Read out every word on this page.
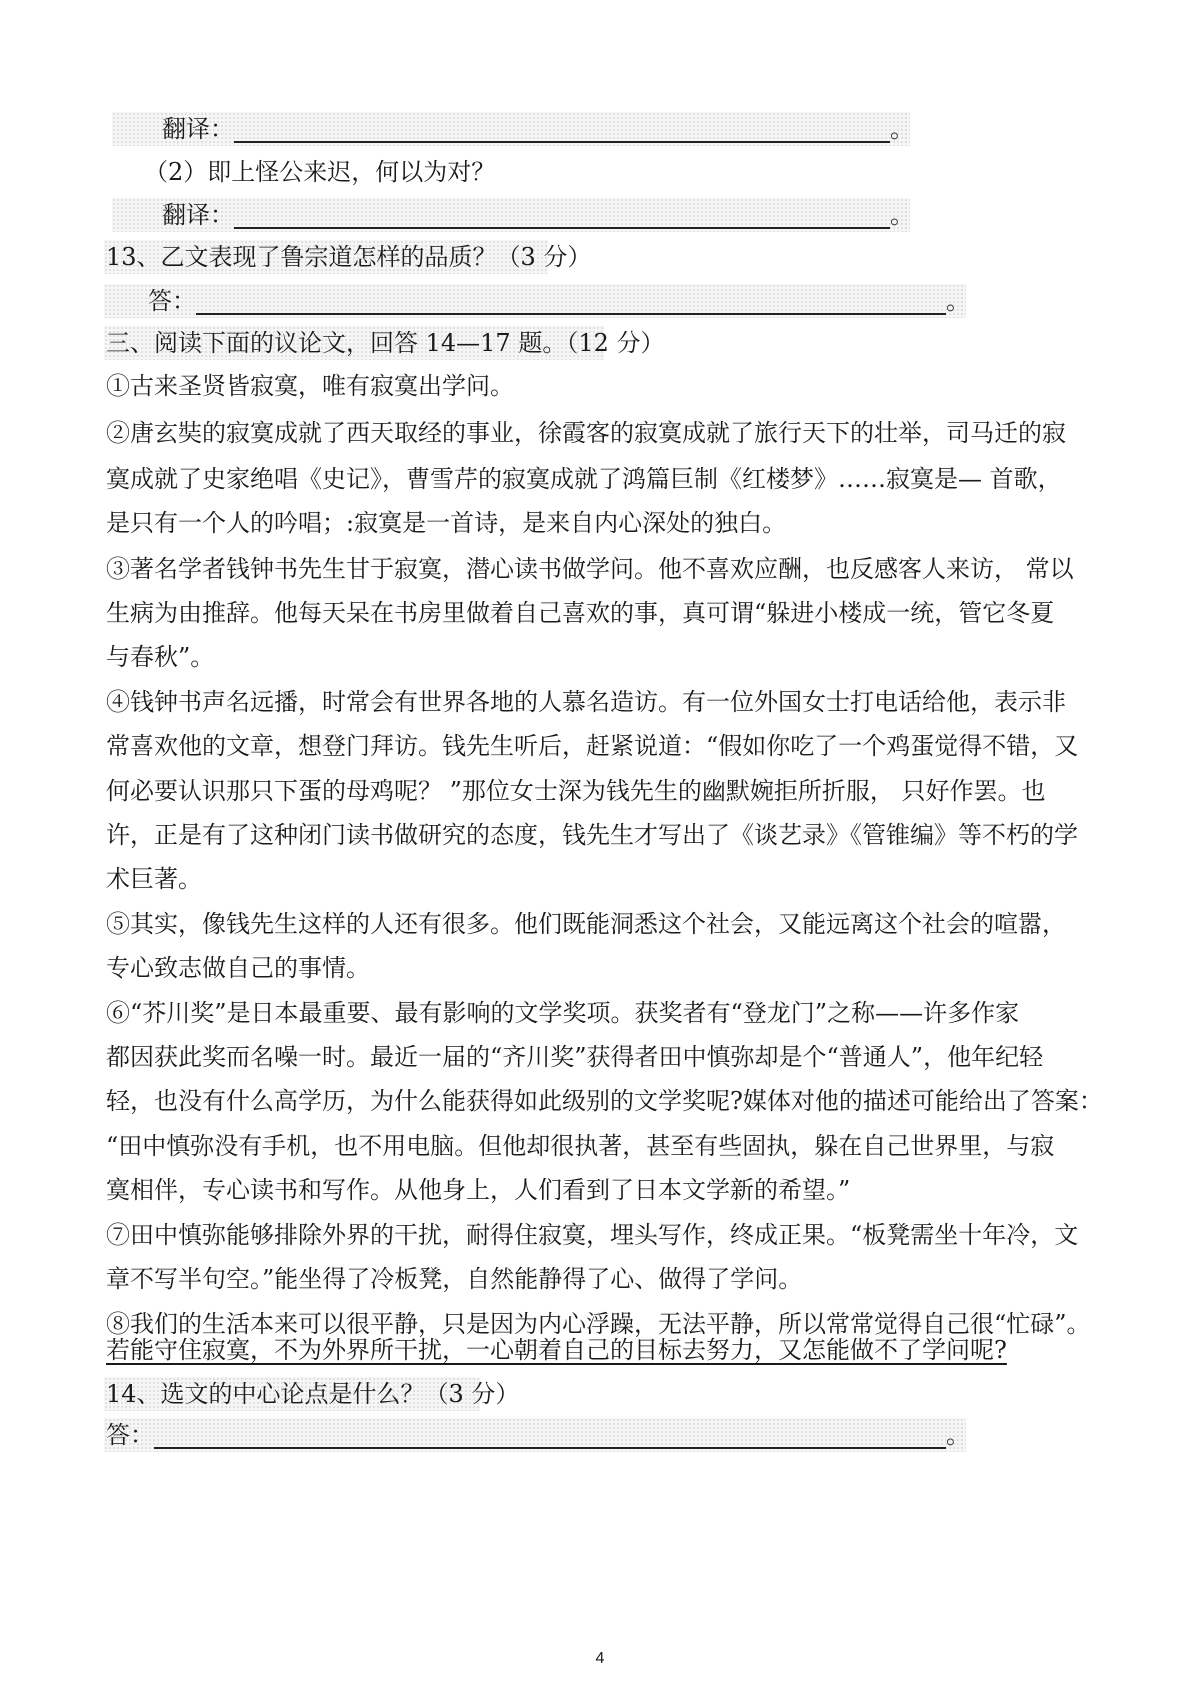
翻译：	。
（2）即上怪公来迟，何以为对？
翻译：	。
13、乙文表现了鲁宗道怎样的品质？（3 分）
答：	。
三、阅读下面的议论文，回答 14—17 题。（12 分）
①古来圣贤皆寂寞，唯有寂寞出学问。
②唐玄奘的寂寞成就了西天取经的事业，徐霞客的寂寞成就了旅行天下的壮举，司马迁的寂
寞成就了史家绝唱《史记》，曹雪芹的寂寞成就了鸿篇巨制《红楼梦》……寂寞是— 首歌，
是只有一个人的吟唱；:寂寞是一首诗，是来自内心深处的独白。
③著名学者钱钟书先生甘于寂寞，潜心读书做学问。他不喜欢应酬，也反感客人来访， 常以
生病为由推辞。他每天呆在书房里做着自己喜欢的事，真可谓“躲进小楼成一统，管它冬夏
与春秋”。
④钱钟书声名远播，时常会有世界各地的人慕名造访。有一位外国女士打电话给他，表示非
常喜欢他的文章，想登门拜访。钱先生听后，赶紧说道：“假如你吃了一个鸡蛋觉得不错，又
何必要认识那只下蛋的母鸡呢？ ”那位女士深为钱先生的幽默婉拒所折服， 只好作罢。也
许，正是有了这种闭门读书做研究的态度，钱先生才写出了《谈艺录》《管锥编》等不朽的学
术巨著。
⑤其实，像钱先生这样的人还有很多。他们既能洞悉这个社会，又能远离这个社会的喧嚣，
专心致志做自己的事情。
⑥“芥川奖”是日本最重要、最有影响的文学奖项。获奖者有“登龙门”之称——许多作家
都因获此奖而名噪一时。最近一届的“齐川奖”获得者田中慎弥却是个“普通人”，他年纪轻
轻，也没有什么高学历，为什么能获得如此级别的文学奖呢?媒体对他的描述可能给出了答案：
“田中慎弥没有手机，也不用电脑。但他却很执著，甚至有些固执，躲在自己世界里，与寂
寞相伴，专心读书和写作。从他身上，人们看到了日本文学新的希望。”
⑦田中慎弥能够排除外界的干扰，耐得住寂寞，埋头写作，终成正果。“板凳需坐十年冷，文
章不写半句空。”能坐得了冷板凳，自然能静得了心、做得了学问。
⑧我们的生活本来可以很平静，只是因为内心浮躁，无法平静，所以常常觉得自己很“忙碌”。
若能守住寂寞，不为外界所干扰，一心朝着自己的目标去努力，又怎能做不了学问呢?
14、选文的中心论点是什么？（3 分）
答：	。
4
